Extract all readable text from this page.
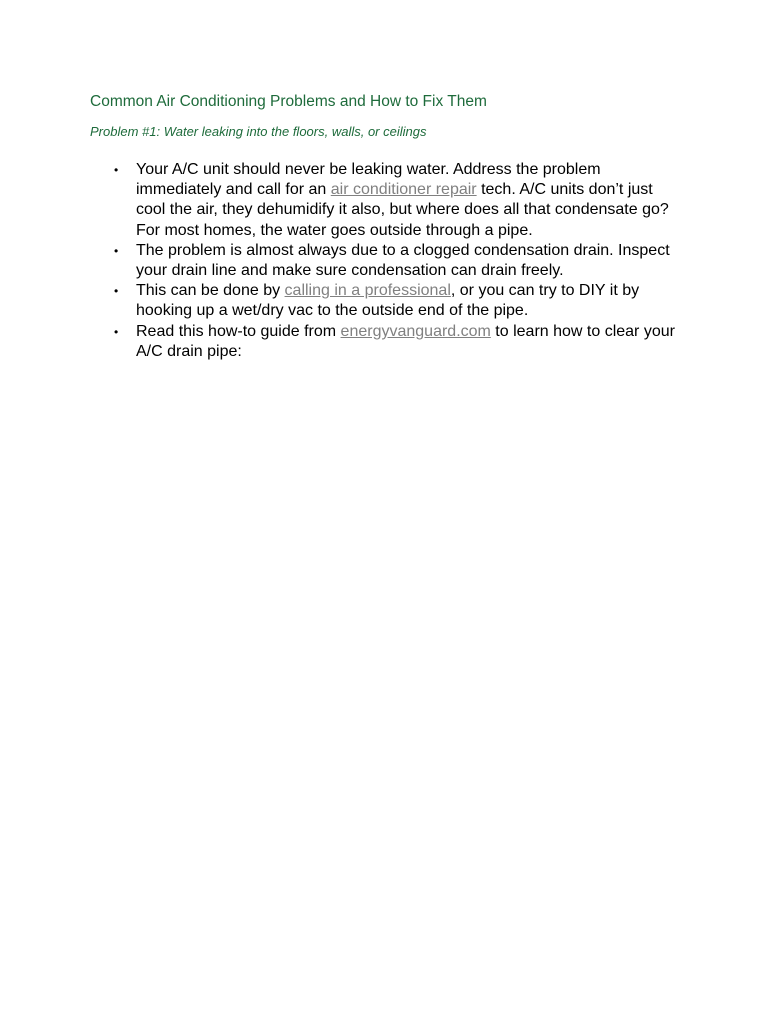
Common Air Conditioning Problems and How to Fix Them
Problem #1: Water leaking into the floors, walls, or ceilings
• Your A/C unit should never be leaking water. Address the problem immediately and call for an air conditioner repair tech. A/C units don’t just cool the air, they dehumidify it also, but where does all that condensate go? For most homes, the water goes outside through a pipe.
• The problem is almost always due to a clogged condensation drain. Inspect your drain line and make sure condensation can drain freely.
• This can be done by calling in a professional, or you can try to DIY it by hooking up a wet/dry vac to the outside end of the pipe.
• Read this how-to guide from energyvanguard.com to learn how to clear your A/C drain pipe:
